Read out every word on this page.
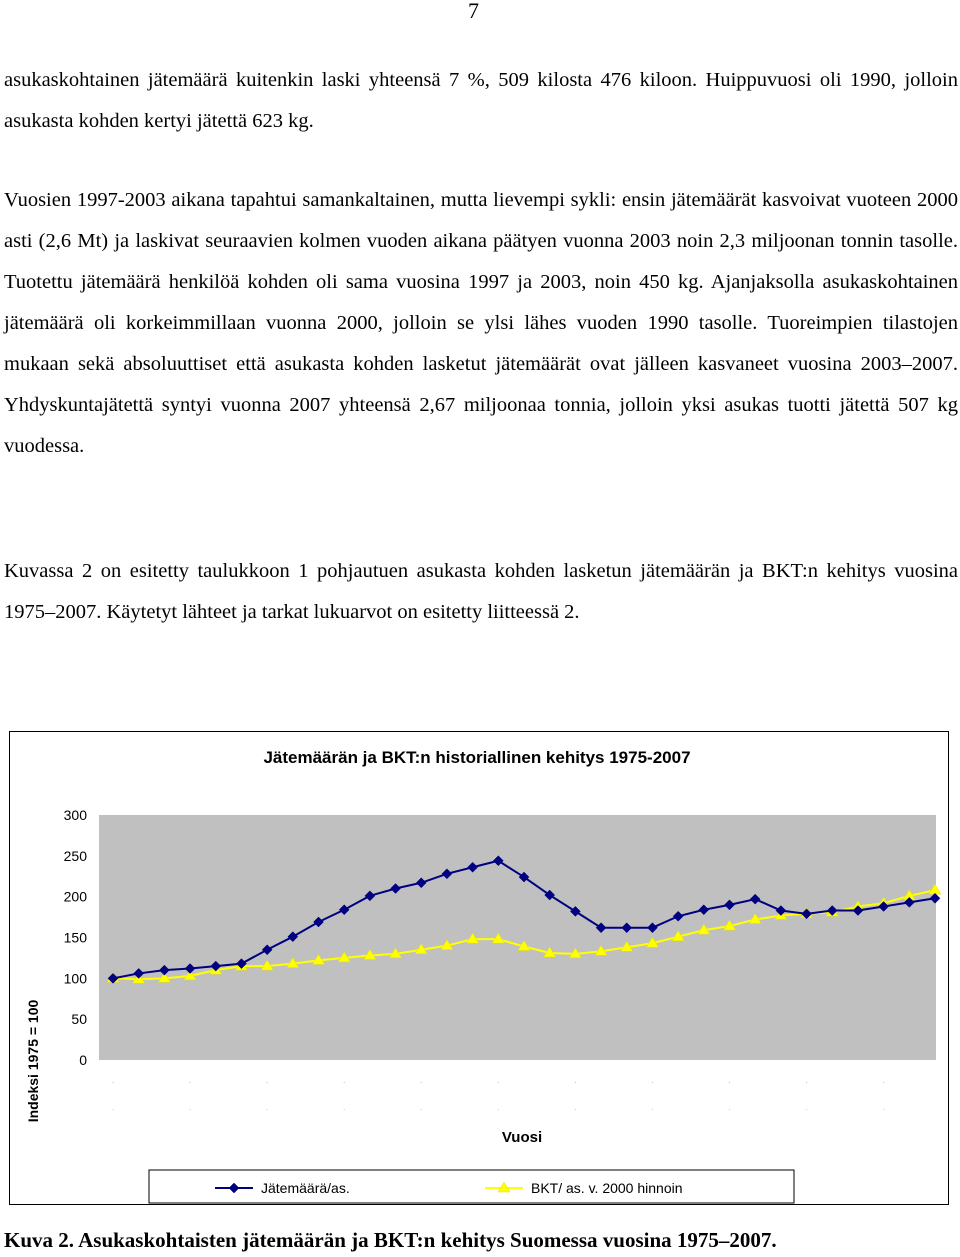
7

asukaskohtainen jätemäärä kuitenkin laski yhteensä 7 %, 509 kilosta 476 kiloon. Huippuvuosi oli 1990, jolloin asukasta kohden kertyi jätettä 623 kg.

Vuosien 1997-2003 aikana tapahtui samankaltainen, mutta lievempi sykli: ensin jätemäärät kasvoivat vuoteen 2000 asti (2,6 Mt) ja laskivat seuraavien kolmen vuoden aikana päätyen vuonna 2003 noin 2,3 miljoonan tonnin tasolle. Tuotettu jätemäärä henkilöä kohden oli sama vuosina 1997 ja 2003, noin 450 kg. Ajanjaksolla asukaskohtainen jätemäärä oli korkeimmillaan vuonna 2000, jolloin se ylsi lähes vuoden 1990 tasolle. Tuoreimpien tilastojen mukaan sekä absoluuttiset että asukasta kohden lasketut jätemäärät ovat jälleen kasvaneet vuosina 2003–2007. Yhdyskuntajätettä syntyi vuonna 2007 yhteensä 2,67 miljoonaa tonnia, jolloin yksi asukas tuotti jätettä 507 kg vuodessa.

Kuvassa 2 on esitetty taulukkoon 1 pohjautuen asukasta kohden lasketun jätemäärän ja BKT:n kehitys vuosina 1975–2007. Käytetyt lähteet ja tarkat lukuarvot on esitetty liitteessä 2.

Jätemäärän ja BKT:n historiallinen kehitys 1975-2007
Indeksi 1975 = 100	0
50
100
150
200
250
300
Vuosi
Jätemäärä/as.	BKT/ as. v. 2000 hinnoin

Kuva 2. Asukaskohtaisten jätemäärän ja BKT:n kehitys Suomessa vuosina 1975–2007.
